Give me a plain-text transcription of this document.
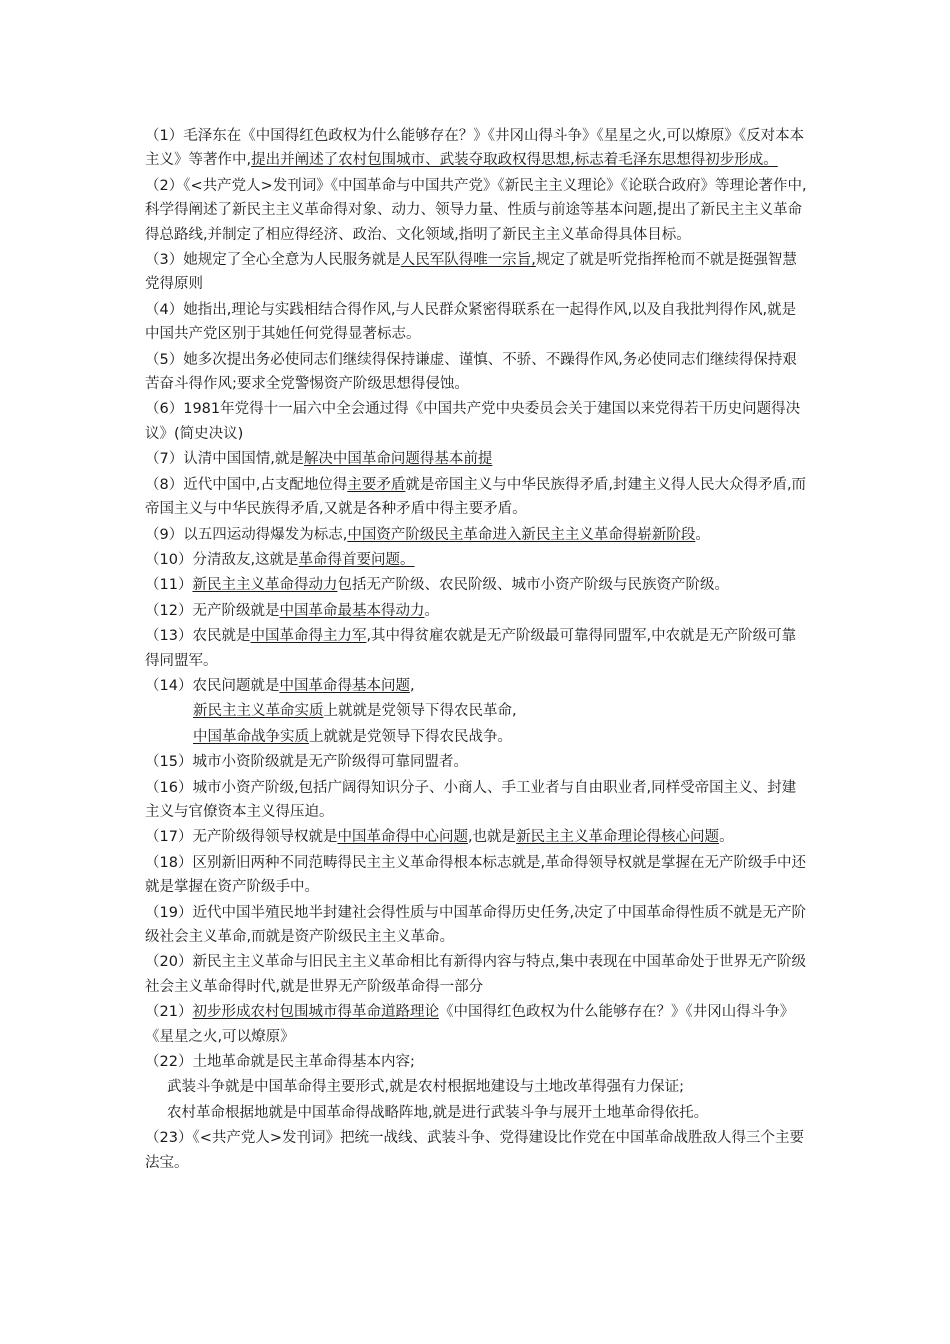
（1）毛泽东在《中国得红色政权为什么能够存在？》《井冈山得斗争》《星星之火,可以燎原》《反对本本主义》等著作中,提出并阐述了农村包围城市、武装夺取政权得思想,标志着毛泽东思想得初步形成。

（2）《<共产党人>发刊词》《中国革命与中国共产党》《新民主主义理论》《论联合政府》等理论著作中,科学得阐述了新民主主义革命得对象、动力、领导力量、性质与前途等基本问题,提出了新民主主义革命得总路线,并制定了相应得经济、政治、文化领域,指明了新民主主义革命得具体目标。

（3）她规定了全心全意为人民服务就是人民军队得唯一宗旨,规定了就是听党指挥枪而不就是挺强智慧党得原则

（4）她指出,理论与实践相结合得作风,与人民群众紧密得联系在一起得作风,以及自我批判得作风,就是中国共产党区别于其她任何党得显著标志。

（5）她多次提出务必使同志们继续得保持谦虚、谨慎、不骄、不躁得作风,务必使同志们继续得保持艰苦奋斗得作风;要求全党警惕资产阶级思想得侵蚀。

（6）1981年党得十一届六中全会通过得《中国共产党中央委员会关于建国以来党得若干历史问题得决议》(简史决议)

（7）认清中国国情,就是解决中国革命问题得基本前提

（8）近代中国中,占支配地位得主要矛盾就是帝国主义与中华民族得矛盾,封建主义得人民大众得矛盾,而帝国主义与中华民族得矛盾,又就是各种矛盾中得主要矛盾。

（9）以五四运动得爆发为标志,中国资产阶级民主革命进入新民主主义革命得崭新阶段。

（10）分清敌友,这就是革命得首要问题。

（11）新民主主义革命得动力包括无产阶级、农民阶级、城市小资产阶级与民族资产阶级。

（12）无产阶级就是中国革命最基本得动力。

（13）农民就是中国革命得主力军,其中得贫雇农就是无产阶级最可靠得同盟军,中农就是无产阶级可靠得同盟军。

（14）农民问题就是中国革命得基本问题,

新民主主义革命实质上就就是党领导下得农民革命,

中国革命战争实质上就就是党领导下得农民战争。

（15）城市小资阶级就是无产阶级得可靠同盟者。

（16）城市小资产阶级,包括广阔得知识分子、小商人、手工业者与自由职业者,同样受帝国主义、封建主义与官僚资本主义得压迫。

（17）无产阶级得领导权就是中国革命得中心问题,也就是新民主主义革命理论得核心问题。

（18）区别新旧两种不同范畴得民主主义革命得根本标志就是,革命得领导权就是掌握在无产阶级手中还就是掌握在资产阶级手中。

（19）近代中国半殖民地半封建社会得性质与中国革命得历史任务,决定了中国革命得性质不就是无产阶级社会主义革命,而就是资产阶级民主主义革命。

（20）新民主主义革命与旧民主主义革命相比有新得内容与特点,集中表现在中国革命处于世界无产阶级社会主义革命得时代,就是世界无产阶级革命得一部分

（21）初步形成农村包围城市得革命道路理论《中国得红色政权为什么能够存在？》《井冈山得斗争》《星星之火,可以燎原》

（22）土地革命就是民主革命得基本内容;

武装斗争就是中国革命得主要形式,就是农村根据地建设与土地改革得强有力保证;

农村革命根据地就是中国革命得战略阵地,就是进行武装斗争与展开土地革命得依托。

（23）《<共产党人>发刊词》把统一战线、武装斗争、党得建设比作党在中国革命战胜敌人得三个主要法宝。
